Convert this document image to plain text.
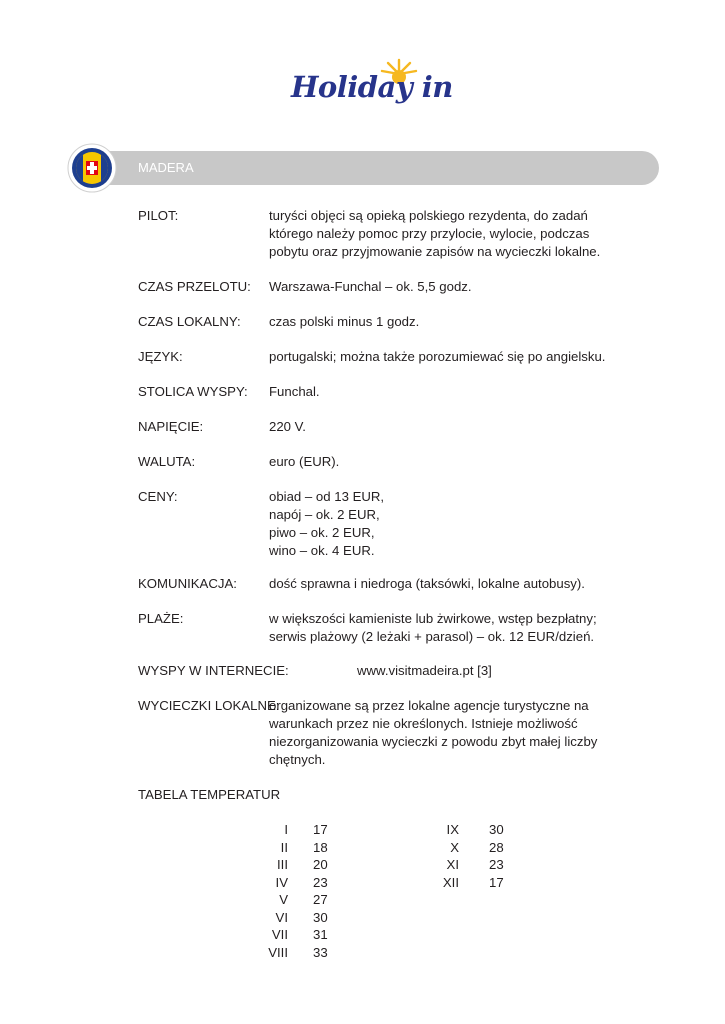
Holiday in
MADERA
PILOT:	turyści objęci są opieką polskiego rezydenta, do zadań
którego należy pomoc przy przylocie, wylocie, podczas
pobytu oraz przyjmowanie zapisów na wycieczki lokalne.
CZAS PRZELOTU: Warszawa-Funchal – ok. 5,5 godz.
CZAS LOKALNY: czas polski minus 1 godz.
JĘZYK:	portugalski; można także porozumiewać się po angielsku.
STOLICA WYSPY: Funchal.
NAPIĘCIE:	220 V.
WALUTA:	euro (EUR).
CENY:	obiad – od 13 EUR,
napój – ok. 2 EUR,
piwo – ok. 2 EUR,
wino – ok. 4 EUR.
KOMUNIKACJA: dość sprawna i niedroga (taksówki, lokalne autobusy).
PLAŻE:	w większości kamieniste lub żwirkowe, wstęp bezpłatny;
serwis plażowy (2 leżaki + parasol) – ok. 12 EUR/dzień.
WYSPY W INTERNECIE:	www.visitmadeira.pt [3]
WYCIECZKI LOKALNE:
organizowane są przez lokalne agencje turystyczne na
warunkach przez nie określonych. Istnieje możliwość
niezorganizowania wycieczki z powodu zbyt małej liczby
chętnych.
TABELA TEMPERATUR
I 17
II 18
III 20
IV 23
V 27
VI 30
VII 31
VIII 33
IX 30
X 28
XI 23
XII 17
